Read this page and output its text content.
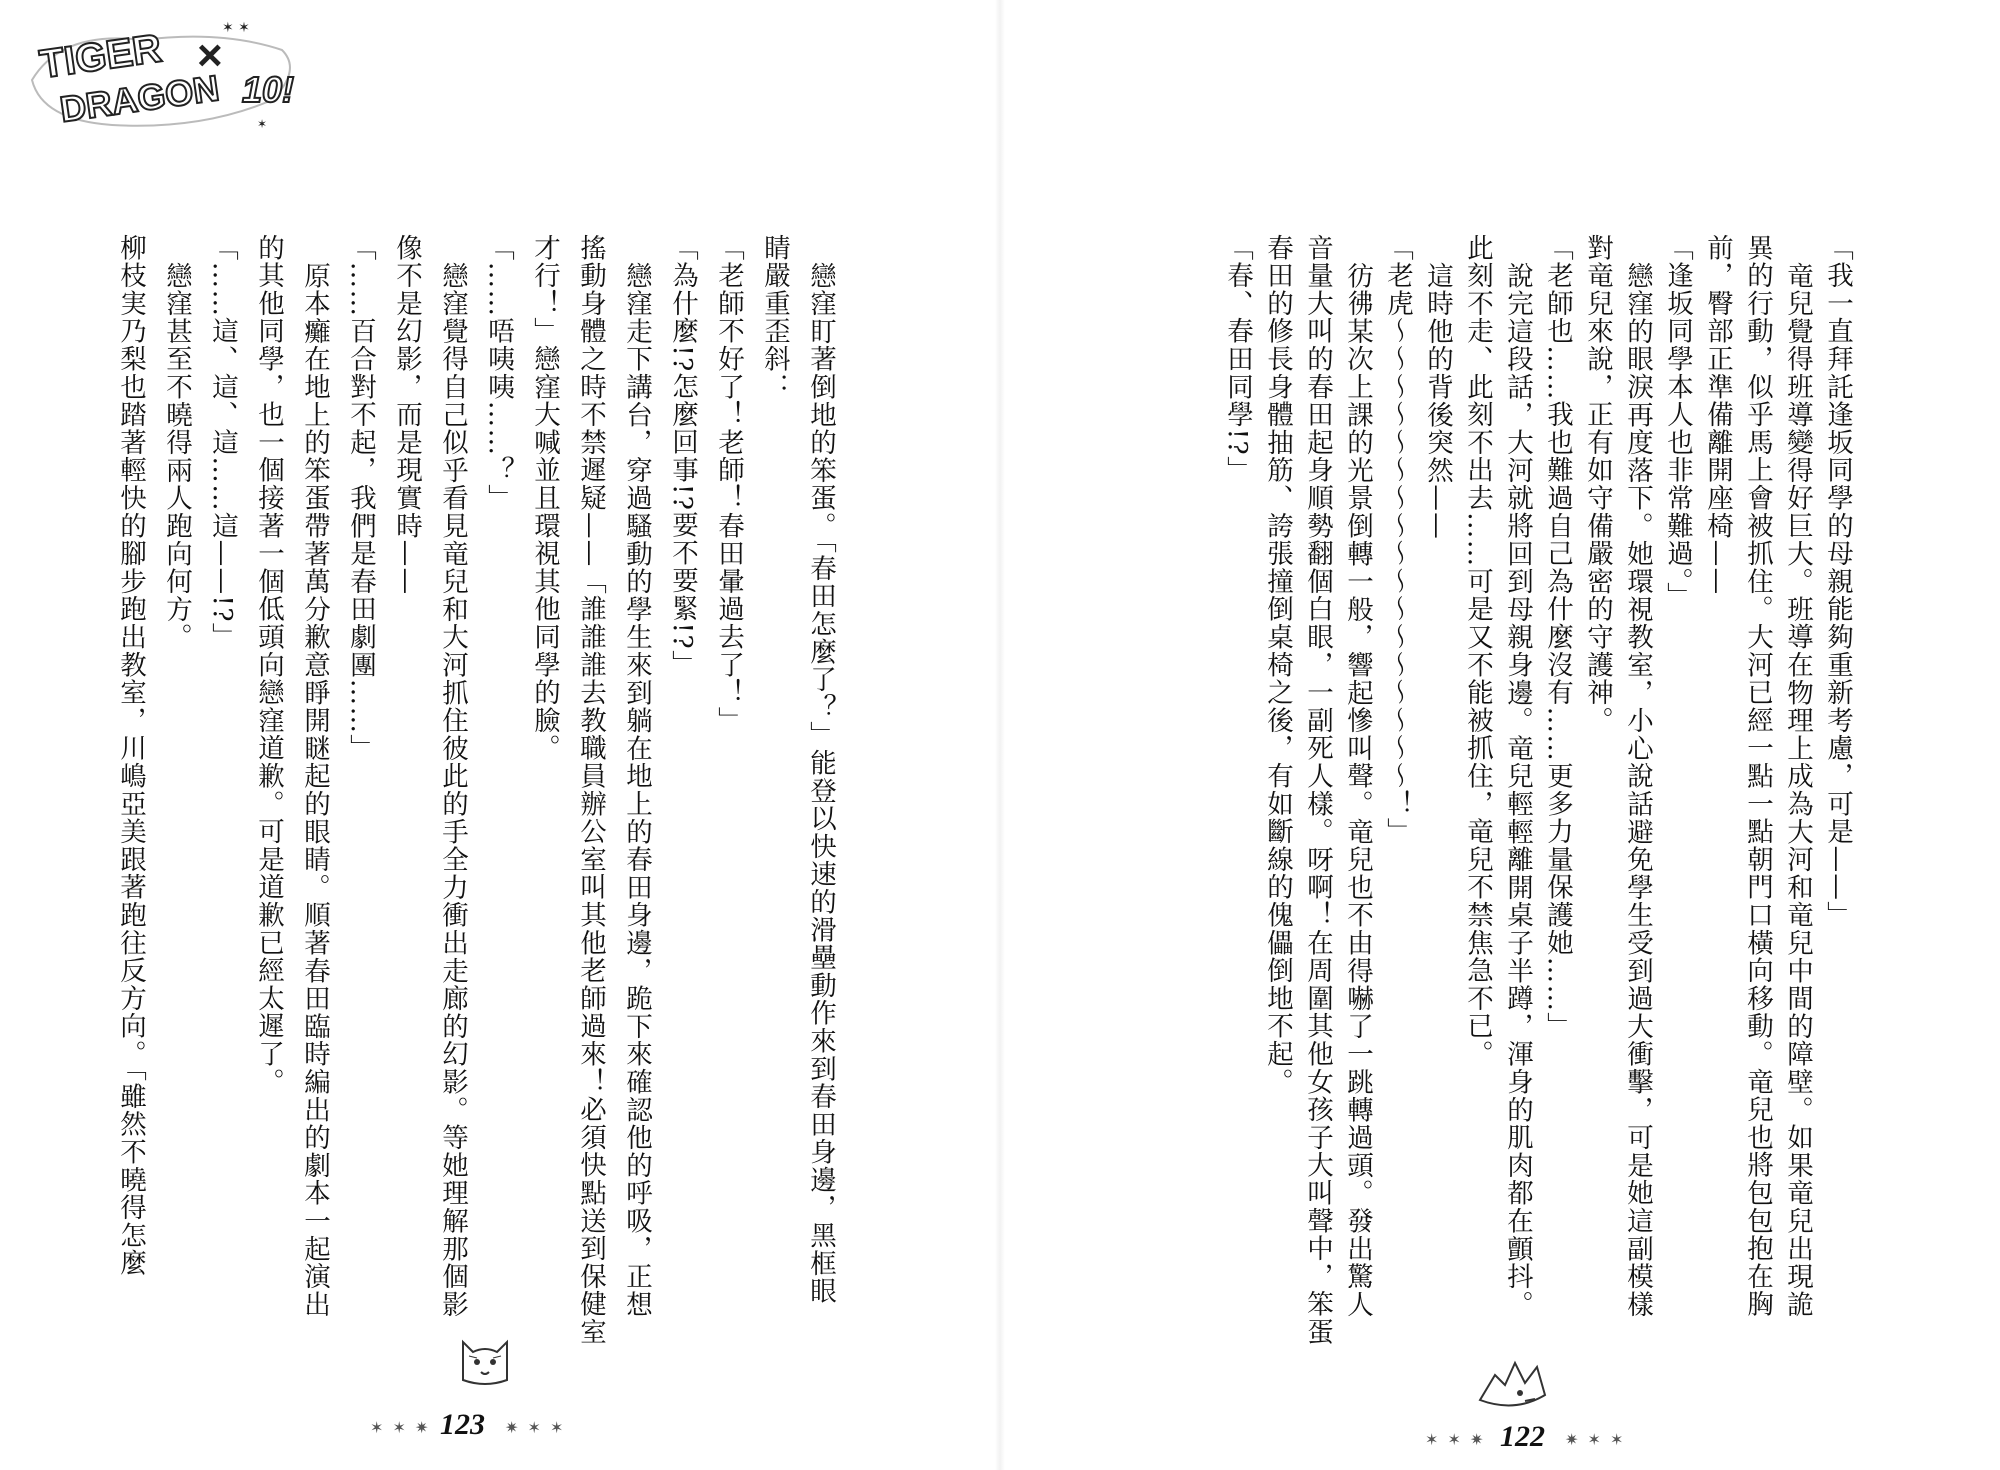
TIGER
DRAGON
×
10!
✶ ✶
✶
「我一直拜託逢坂同學的母親能夠重新考慮，可是——」
竜兒覺得班導變得好巨大。班導在物理上成為大河和竜兒中間的障壁。如果竜兒出現詭
異的行動，似乎馬上會被抓住。大河已經一點一點朝門口橫向移動。竜兒也將包包抱在胸
前，臀部正準備離開座椅——
「逢坂同學本人也非常難過。」
戀窪的眼淚再度落下。她環視教室，小心說話避免學生受到過大衝擊，可是她這副模樣
對竜兒來說，正有如守備嚴密的守護神。
「老師也……我也難過自己為什麼沒有……更多力量保護她……」
說完這段話，大河就將回到母親身邊。竜兒輕輕離開桌子半蹲，渾身的肌肉都在顫抖。
此刻不走、此刻不出去……可是又不能被抓住，竜兒不禁焦急不已。
這時他的背後突然——
「老虎～～～～～～～～～～～～～～～～～！」
彷彿某次上課的光景倒轉一般，響起慘叫聲。竜兒也不由得嚇了一跳轉過頭。發出驚人
音量大叫的春田起身順勢翻個白眼，一副死人樣。呀啊！在周圍其他女孩子大叫聲中，笨蛋
春田的修長身體抽筋、誇張撞倒桌椅之後，有如斷線的傀儡倒地不起。
「春、春田同學!?」
戀窪盯著倒地的笨蛋。「春田怎麼了？」能登以快速的滑壘動作來到春田身邊，黑框眼
睛嚴重歪斜：
「老師不好了！老師！春田暈過去了！」
「為什麼!?怎麼回事!?要不要緊!?」
戀窪走下講台，穿過騷動的學生來到躺在地上的春田身邊，跪下來確認他的呼吸，正想
搖動身體之時不禁遲疑——「誰誰誰去教職員辦公室叫其他老師過來！必須快點送到保健室
才行！」戀窪大喊並且環視其他同學的臉。
「……唔咦咦……？」
戀窪覺得自己似乎看見竜兒和大河抓住彼此的手全力衝出走廊的幻影。等她理解那個影
像不是幻影，而是現實時——
「……百合對不起，我們是春田劇團……」
原本癱在地上的笨蛋帶著萬分歉意睜開瞇起的眼睛。順著春田臨時編出的劇本一起演出
的其他同學，也一個接著一個低頭向戀窪道歉。可是道歉已經太遲了。
「……這、這、這……這——!?」
戀窪甚至不曉得兩人跑向何方。
柳枝実乃梨也踏著輕快的腳步跑出教室，川嶋亞美跟著跑往反方向。「雖然不曉得怎麼
✶ ✶ ✷ 123 ✷ ✶ ✶
✶ ✶ ✷ 122 ✷ ✶ ✶
